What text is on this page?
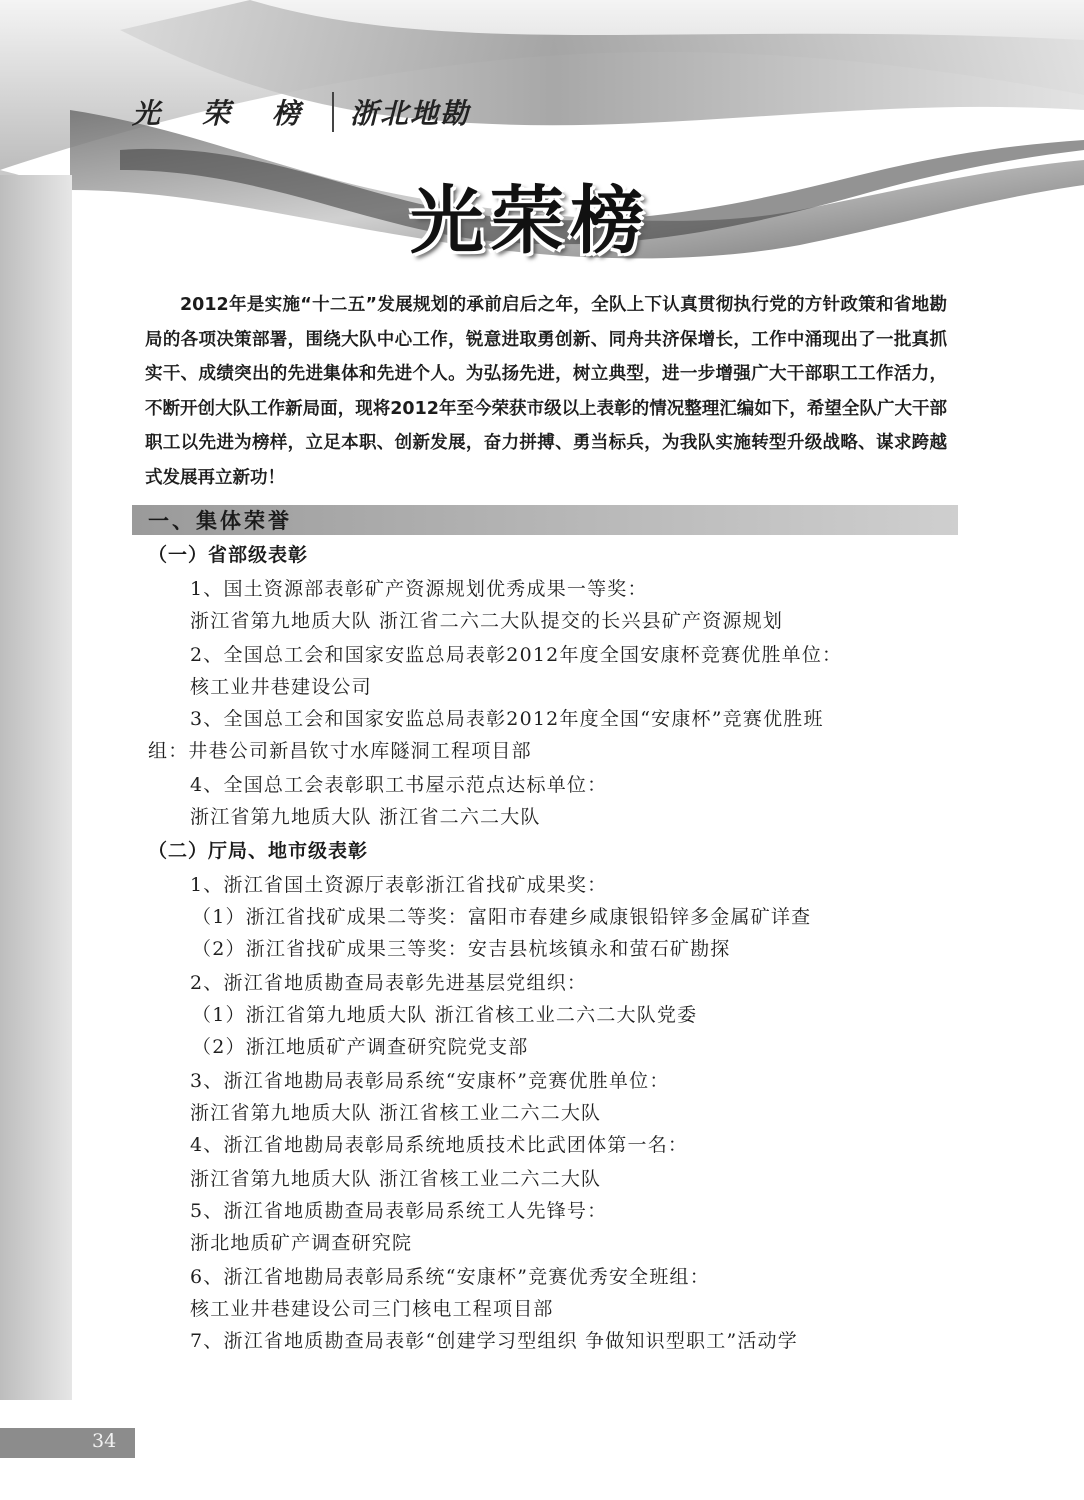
光 荣 榜 浙北地勘
光荣榜

2012年是实施“十二五”发展规划的承前启后之年，全队上下认真贯彻执行党的方针政策和省地勘局的各项决策部署，围绕大队中心工作，锐意进取勇创新、同舟共济保增长，工作中涌现出了一批真抓实干、成绩突出的先进集体和先进个人。为弘扬先进，树立典型，进一步增强广大干部职工工作活力，不断开创大队工作新局面，现将2012年至今荣获市级以上表彰的情况整理汇编如下，希望全队广大干部职工以先进为榜样，立足本职、创新发展，奋力拼搏、勇当标兵，为我队实施转型升级战略、谋求跨越式发展再立新功！

一、集体荣誉
（一）省部级表彰
1、国土资源部表彰矿产资源规划优秀成果一等奖：
浙江省第九地质大队 浙江省二六二大队提交的长兴县矿产资源规划
2、全国总工会和国家安监总局表彰2012年度全国安康杯竞赛优胜单位：
核工业井巷建设公司
3、全国总工会和国家安监总局表彰2012年度全国“安康杯”竞赛优胜班
组：井巷公司新昌钦寸水库隧洞工程项目部
4、全国总工会表彰职工书屋示范点达标单位：
浙江省第九地质大队 浙江省二六二大队
（二）厅局、地市级表彰
1、浙江省国土资源厅表彰浙江省找矿成果奖：
（1）浙江省找矿成果二等奖：富阳市春建乡咸康银铅锌多金属矿详查
（2）浙江省找矿成果三等奖：安吉县杭垓镇永和萤石矿勘探
2、浙江省地质勘查局表彰先进基层党组织：
（1）浙江省第九地质大队 浙江省核工业二六二大队党委
（2）浙江地质矿产调查研究院党支部
3、浙江省地勘局表彰局系统“安康杯”竞赛优胜单位：
浙江省第九地质大队 浙江省核工业二六二大队
4、浙江省地勘局表彰局系统地质技术比武团体第一名：
浙江省第九地质大队 浙江省核工业二六二大队
5、浙江省地质勘查局表彰局系统工人先锋号：
浙北地质矿产调查研究院
6、浙江省地勘局表彰局系统“安康杯”竞赛优秀安全班组：
核工业井巷建设公司三门核电工程项目部
7、浙江省地质勘查局表彰“创建学习型组织 争做知识型职工”活动学
34
